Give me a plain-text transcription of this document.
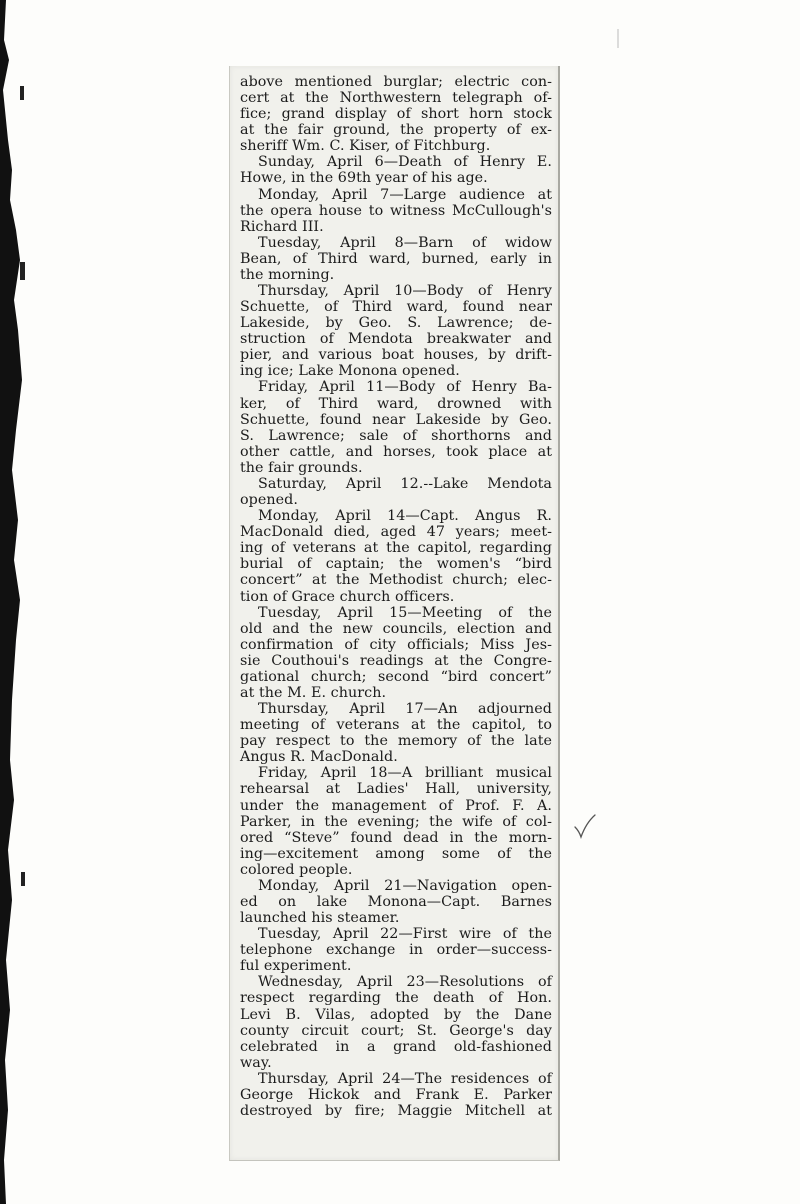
above mentioned burglar; electric con-
cert at the Northwestern telegraph of-
fice; grand display of short horn stock
at the fair ground, the property of ex-
sheriff Wm. C. Kiser, of Fitchburg.
Sunday, April 6—Death of Henry E.
Howe, in the 69th year of his age.
Monday, April 7—Large audience at
the opera house to witness McCullough's
Richard III.
Tuesday, April 8—Barn of widow
Bean, of Third ward, burned, early in
the morning.
Thursday, April 10—Body of Henry
Schuette, of Third ward, found near
Lakeside, by Geo. S. Lawrence; de-
struction of Mendota breakwater and
pier, and various boat houses, by drift-
ing ice; Lake Monona opened.
Friday, April 11—Body of Henry Ba-
ker, of Third ward, drowned with
Schuette, found near Lakeside by Geo.
S. Lawrence; sale of shorthorns and
other cattle, and horses, took place at
the fair grounds.
Saturday, April 12.--Lake Mendota
opened.
Monday, April 14—Capt. Angus R.
MacDonald died, aged 47 years; meet-
ing of veterans at the capitol, regarding
burial of captain; the women's “bird
concert” at the Methodist church; elec-
tion of Grace church officers.
Tuesday, April 15—Meeting of the
old and the new councils, election and
confirmation of city officials; Miss Jes-
sie Couthoui's readings at the Congre-
gational church; second “bird concert”
at the M. E. church.
Thursday, April 17—An adjourned
meeting of veterans at the capitol, to
pay respect to the memory of the late
Angus R. MacDonald.
Friday, April 18—A brilliant musical
rehearsal at Ladies' Hall, university,
under the management of Prof. F. A.
Parker, in the evening; the wife of col-
ored “Steve” found dead in the morn-
ing—excitement among some of the
colored people.
Monday, April 21—Navigation open-
ed on lake Monona—Capt. Barnes
launched his steamer.
Tuesday, April 22—First wire of the
telephone exchange in order—success-
ful experiment.
Wednesday, April 23—Resolutions of
respect regarding the death of Hon.
Levi B. Vilas, adopted by the Dane
county circuit court; St. George's day
celebrated in a grand old-fashioned
way.
Thursday, April 24—The residences of
George Hickok and Frank E. Parker
destroyed by fire; Maggie Mitchell at
